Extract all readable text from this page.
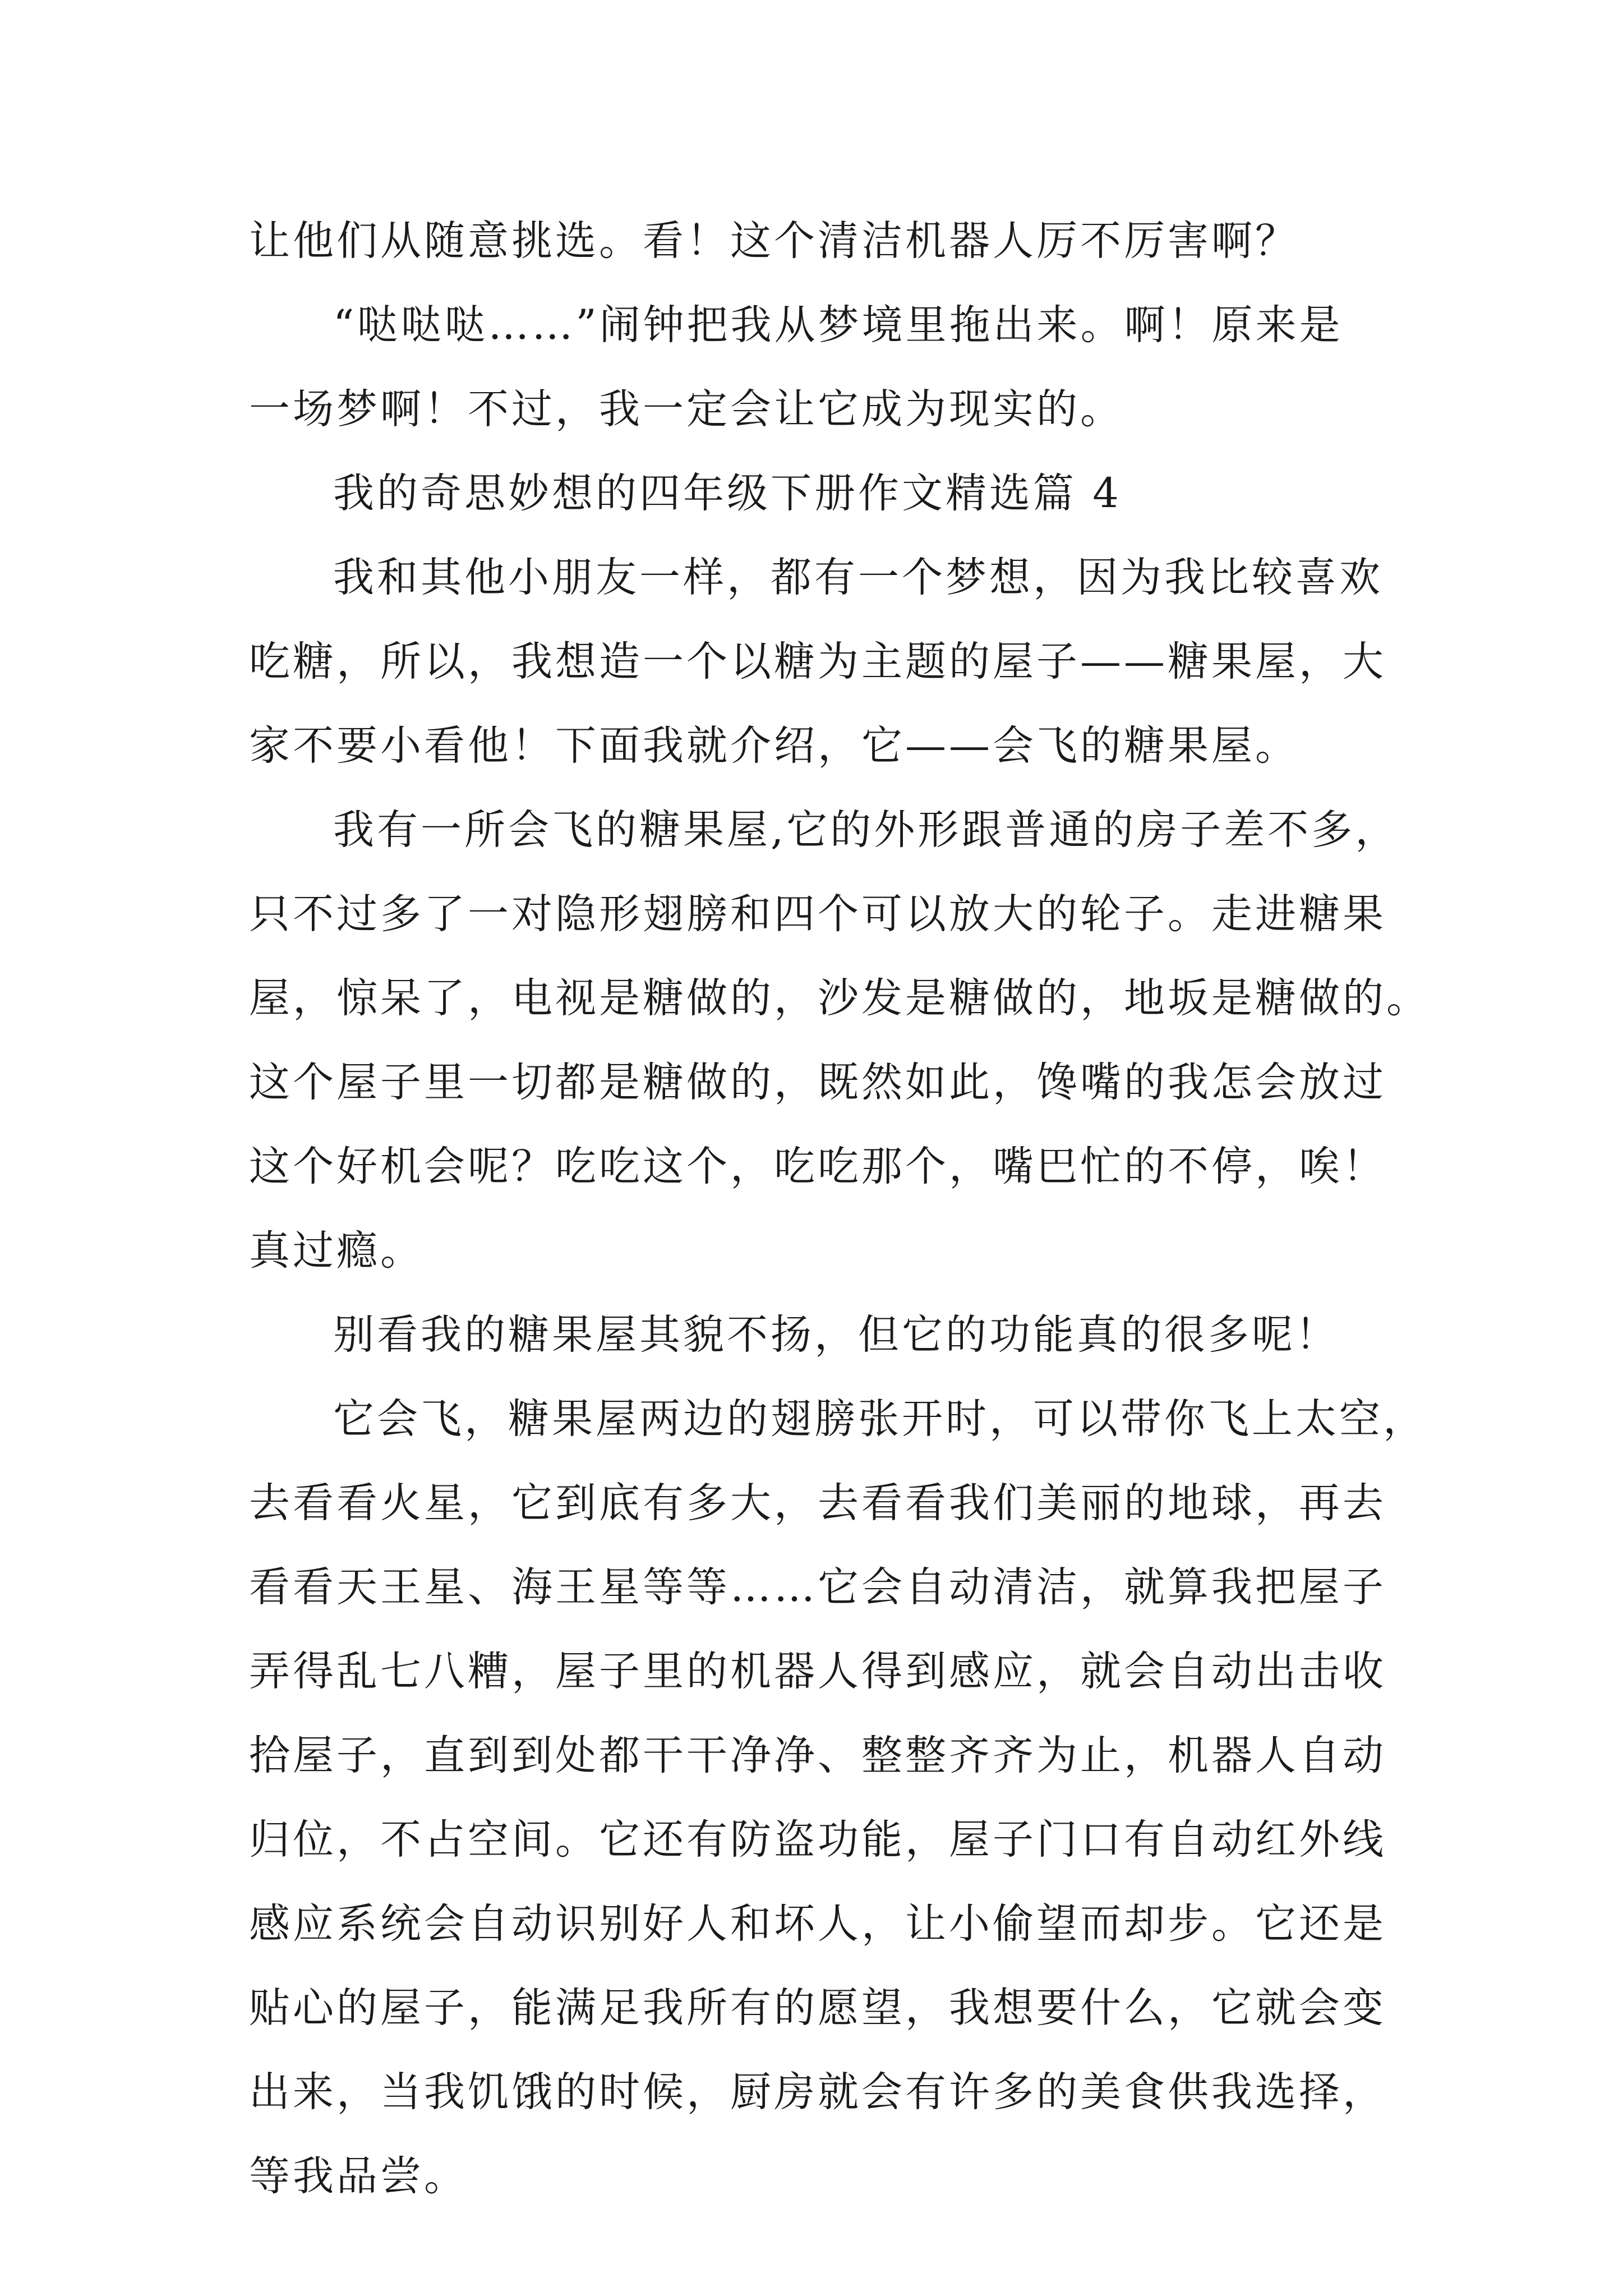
让他们从随意挑选。看！这个清洁机器人厉不厉害啊？
“哒哒哒……”闹钟把我从梦境里拖出来。啊！原来是
一场梦啊！不过，我一定会让它成为现实的。
我的奇思妙想的四年级下册作文精选篇 4
我和其他小朋友一样，都有一个梦想，因为我比较喜欢
吃糖，所以，我想造一个以糖为主题的屋子——糖果屋，大
家不要小看他！下面我就介绍，它——会飞的糖果屋。
我有一所会飞的糖果屋,它的外形跟普通的房子差不多，
只不过多了一对隐形翅膀和四个可以放大的轮子。走进糖果
屋，惊呆了，电视是糖做的，沙发是糖做的，地坂是糖做的。
这个屋子里一切都是糖做的，既然如此，馋嘴的我怎会放过
这个好机会呢？吃吃这个，吃吃那个，嘴巴忙的不停，唉！
真过瘾。
别看我的糖果屋其貌不扬，但它的功能真的很多呢！
它会飞，糖果屋两边的翅膀张开时，可以带你飞上太空，
去看看火星，它到底有多大，去看看我们美丽的地球，再去
看看天王星、海王星等等……它会自动清洁，就算我把屋子
弄得乱七八糟，屋子里的机器人得到感应，就会自动出击收
拾屋子，直到到处都干干净净、整整齐齐为止，机器人自动
归位，不占空间。它还有防盗功能，屋子门口有自动红外线
感应系统会自动识别好人和坏人，让小偷望而却步。它还是
贴心的屋子，能满足我所有的愿望，我想要什么，它就会变
出来，当我饥饿的时候，厨房就会有许多的美食供我选择，
等我品尝。
